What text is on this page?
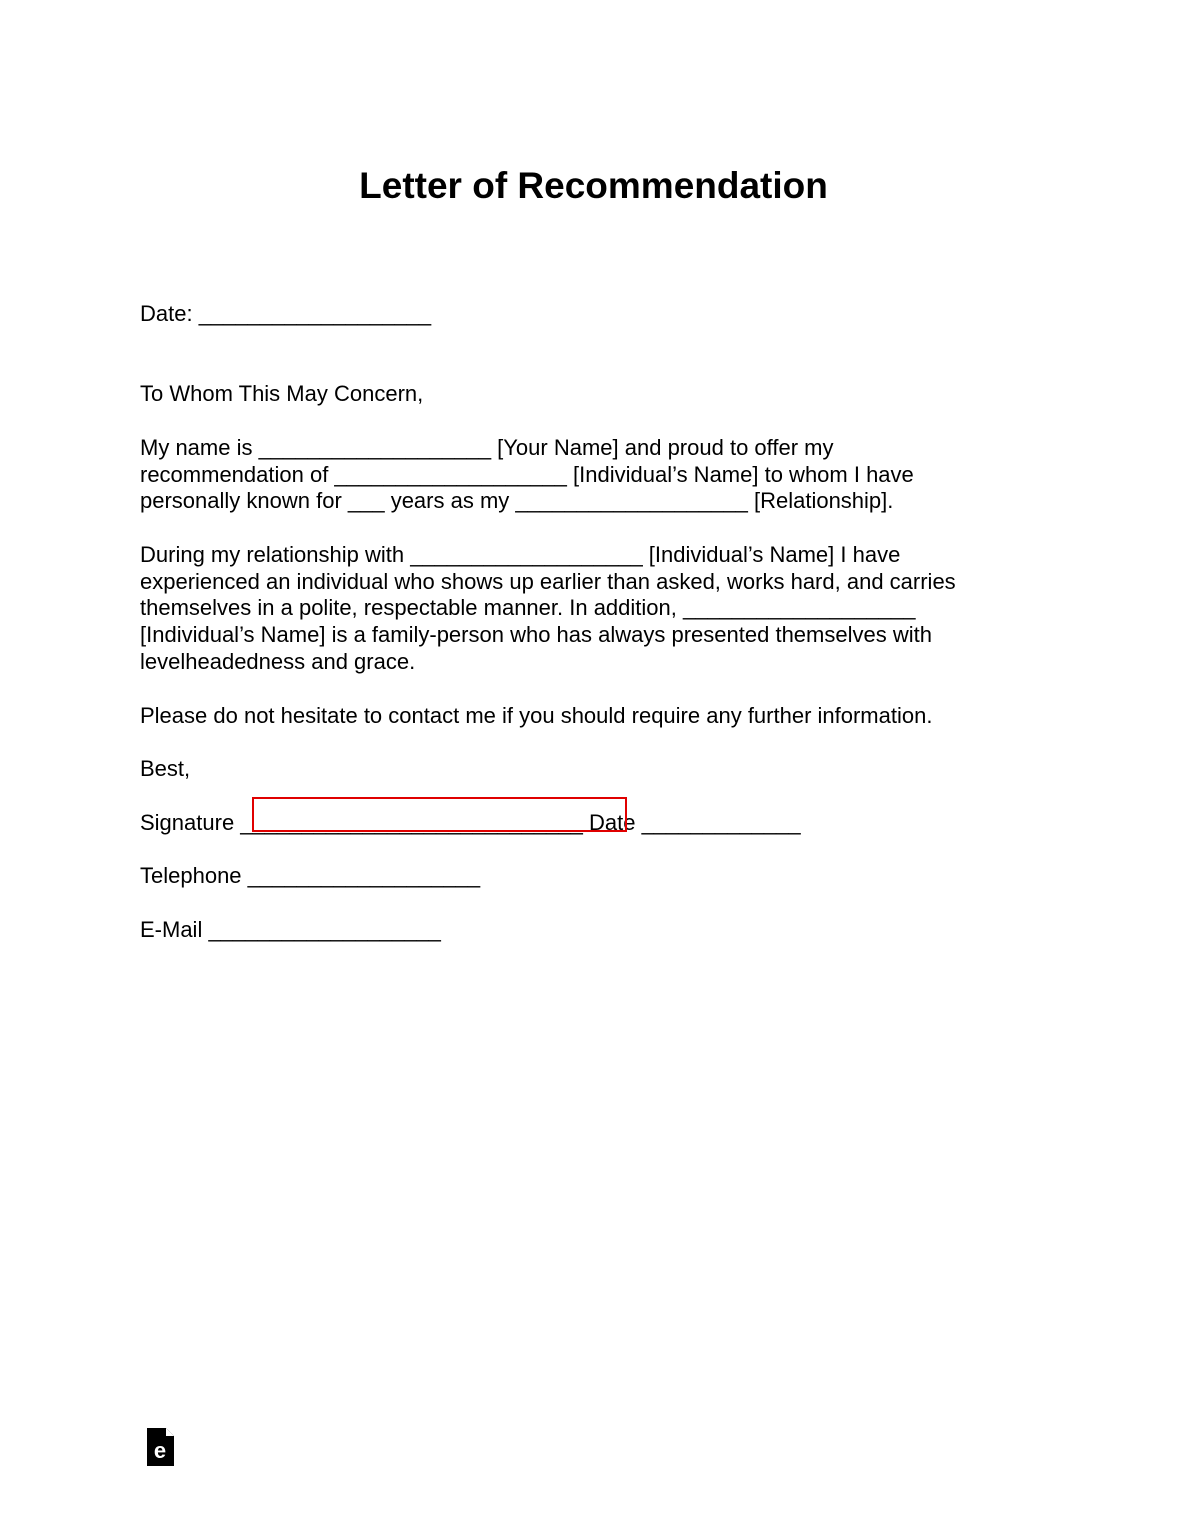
Letter of Recommendation
Date: ___________________
To Whom This May Concern,
My name is ___________________ [Your Name] and proud to offer my
recommendation of ___________________ [Individual’s Name] to whom I have
personally known for ___ years as my ___________________ [Relationship].
During my relationship with ___________________ [Individual’s Name] I have
experienced an individual who shows up earlier than asked, works hard, and carries
themselves in a polite, respectable manner. In addition, ___________________
[Individual’s Name] is a family-person who has always presented themselves with
levelheadedness and grace.
Please do not hesitate to contact me if you should require any further information.
Best,
Signature ____________________________ Date _____________
Telephone ___________________
E-Mail ___________________
e
